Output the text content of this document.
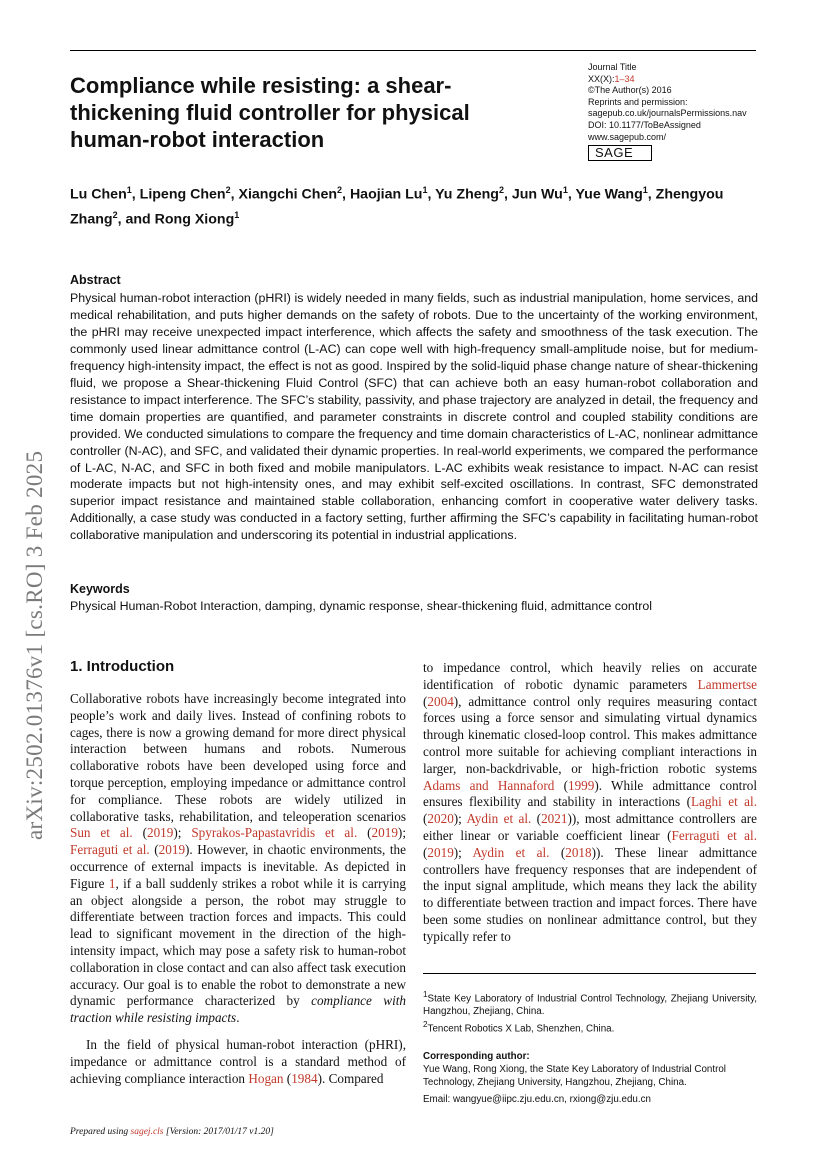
Compliance while resisting: a shear-thickening fluid controller for physical human-robot interaction
Journal Title
XX(X):1–34
©The Author(s) 2016
Reprints and permission:
sagepub.co.uk/journalsPermissions.nav
DOI: 10.1177/ToBeAssigned
www.sagepub.com/
SAGE
Lu Chen$^1$, Lipeng Chen$^2$, Xiangchi Chen$^2$, Haojian Lu$^1$, Yu Zheng$^2$, Jun Wu$^1$, Yue Wang$^1$, Zhengyou Zhang$^2$, and Rong Xiong$^1$
Abstract
Physical human-robot interaction (pHRI) is widely needed in many fields, such as industrial manipulation, home services, and medical rehabilitation, and puts higher demands on the safety of robots. Due to the uncertainty of the working environment, the pHRI may receive unexpected impact interference, which affects the safety and smoothness of the task execution. The commonly used linear admittance control (L-AC) can cope well with high-frequency small-amplitude noise, but for medium-frequency high-intensity impact, the effect is not as good. Inspired by the solid-liquid phase change nature of shear-thickening fluid, we propose a Shear-thickening Fluid Control (SFC) that can achieve both an easy human-robot collaboration and resistance to impact interference. The SFC’s stability, passivity, and phase trajectory are analyzed in detail, the frequency and time domain properties are quantified, and parameter constraints in discrete control and coupled stability conditions are provided. We conducted simulations to compare the frequency and time domain characteristics of L-AC, nonlinear admittance controller (N-AC), and SFC, and validated their dynamic properties. In real-world experiments, we compared the performance of L-AC, N-AC, and SFC in both fixed and mobile manipulators. L-AC exhibits weak resistance to impact. N-AC can resist moderate impacts but not high-intensity ones, and may exhibit self-excited oscillations. In contrast, SFC demonstrated superior impact resistance and maintained stable collaboration, enhancing comfort in cooperative water delivery tasks. Additionally, a case study was conducted in a factory setting, further affirming the SFC’s capability in facilitating human-robot collaborative manipulation and underscoring its potential in industrial applications.
Keywords
Physical Human-Robot Interaction, damping, dynamic response, shear-thickening fluid, admittance control
arXiv:2502.01376v1 [cs.RO] 3 Feb 2025 1. Introduction

Collaborative robots have increasingly become integrated into people’s work and daily lives. Instead of confining robots to cages, there is now a growing demand for more direct physical interaction between humans and robots. Numerous collaborative robots have been developed using force and torque perception, employing impedance or admittance control for compliance. These robots are widely utilized in collaborative tasks, rehabilitation, and teleoperation scenarios Sun et al. (2019); Spyrakos-Papastavridis et al. (2019); Ferraguti et al. (2019). However, in chaotic environments, the occurrence of external impacts is inevitable. As depicted in Figure 1, if a ball suddenly strikes a robot while it is carrying an object alongside a person, the robot may struggle to differentiate between traction forces and impacts. This could lead to significant movement in the direction of the high-intensity impact, which may pose a safety risk to human-robot collaboration in close contact and can also affect task execution accuracy. Our goal is to enable the robot to demonstrate a new dynamic performance characterized by compliance with traction while resisting impacts.

In the field of physical human-robot interaction (pHRI), impedance or admittance control is a standard method of achieving compliance interaction Hogan (1984). Compared

to impedance control, which heavily relies on accurate identification of robotic dynamic parameters Lammertse (2004), admittance control only requires measuring contact forces using a force sensor and simulating virtual dynamics through kinematic closed-loop control. This makes admittance control more suitable for achieving compliant interactions in larger, non-backdrivable, or high-friction robotic systems Adams and Hannaford (1999). While admittance control ensures flexibility and stability in interactions (Laghi et al. (2020); Aydin et al. (2021)), most admittance controllers are either linear or variable coefficient linear (Ferraguti et al. (2019); Aydin et al. (2018)). These linear admittance controllers have frequency responses that are independent of the input signal amplitude, which means they lack the ability to differentiate between traction and impact forces. There have been some studies on nonlinear admittance control, but they typically refer to

$^1$State Key Laboratory of Industrial Control Technology, Zhejiang University, Hangzhou, Zhejiang, China.

$^2$Tencent Robotics X Lab, Shenzhen, China.

Corresponding author:

Yue Wang, Rong Xiong, the State Key Laboratory of Industrial Control Technology, Zhejiang University, Hangzhou, Zhejiang, China.

Email: wangyue@iipc.zju.edu.cn, rxiong@zju.edu.cn

Prepared using sagej.cls [Version: 2017/01/17 v1.20]
